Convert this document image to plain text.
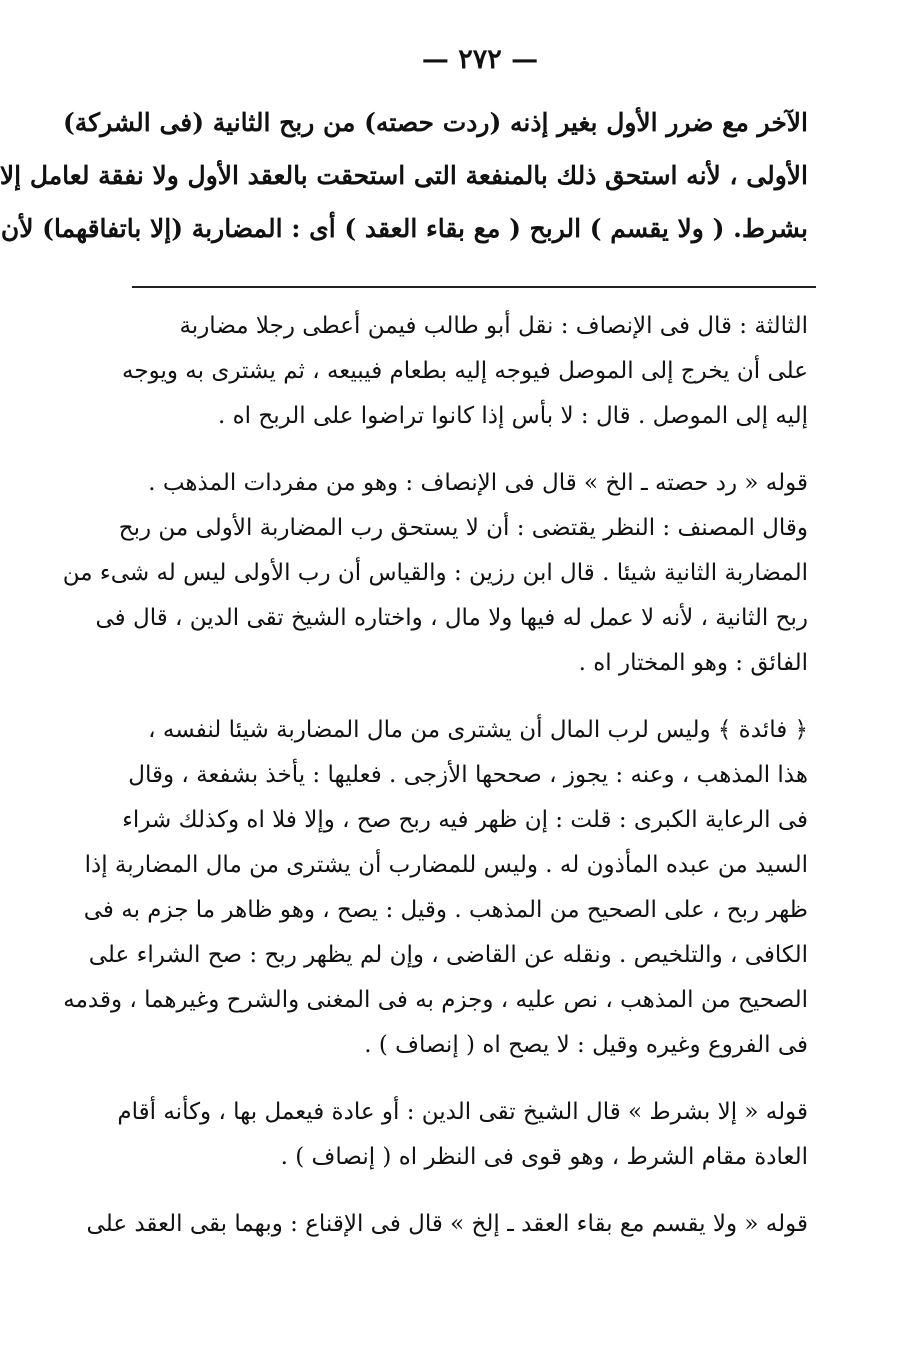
— ٢٧٢ —
الآخر مع ضرر الأول بغير إذنه (ردت حصته) من ربح الثانية (فى الشركة)
الأولى ، لأنه استحق ذلك بالمنفعة التى استحقت بالعقد الأول ولا نفقة لعامل إلا
بشرط. ( ولا يقسم ) الربح ( مع بقاء العقد ) أى : المضاربة (إلا باتفاقهما) لأن
الثالثة : قال فى الإنصاف : نقل أبو طالب فيمن أعطى رجلا مضاربة
على أن يخرج إلى الموصل فيوجه إليه بطعام فيبيعه ، ثم يشترى به ويوجه
إليه إلى الموصل . قال : لا بأس إذا كانوا تراضوا على الربح اه .
قوله « رد حصته ـ الخ » قال فى الإنصاف : وهو من مفردات المذهب .
وقال المصنف : النظر يقتضى : أن لا يستحق رب المضاربة الأولى من ربح
المضاربة الثانية شيئا . قال ابن رزين : والقياس أن رب الأولى ليس له شىء من
ربح الثانية ، لأنه لا عمل له فيها ولا مال ، واختاره الشيخ تقى الدين ، قال فى
الفائق : وهو المختار اه .
﴿ فائدة ﴾ وليس لرب المال أن يشترى من مال المضاربة شيئا لنفسه ،
هذا المذهب ، وعنه : يجوز ، صححها الأزجى . فعليها : يأخذ بشفعة ، وقال
فى الرعاية الكبرى : قلت : إن ظهر فيه ربح صح ، وإلا فلا اه وكذلك شراء
السيد من عبده المأذون له . وليس للمضارب أن يشترى من مال المضاربة إذا
ظهر ربح ، على الصحيح من المذهب . وقيل : يصح ، وهو ظاهر ما جزم به فى
الكافى ، والتلخيص . ونقله عن القاضى ، وإن لم يظهر ربح : صح الشراء على
الصحيح من المذهب ، نص عليه ، وجزم به فى المغنى والشرح وغيرهما ، وقدمه
فى الفروع وغيره وقيل : لا يصح اه ( إنصاف ) .
قوله « إلا بشرط » قال الشيخ تقى الدين : أو عادة فيعمل بها ، وكأنه أقام
العادة مقام الشرط ، وهو قوى فى النظر اه ( إنصاف ) .
قوله « ولا يقسم مع بقاء العقد ـ إلخ » قال فى الإقناع : وبهما بقى العقد على
